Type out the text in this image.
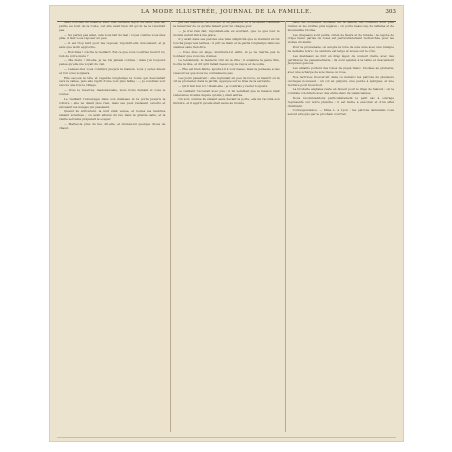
LA MODE ILLUSTRÉE, JOURNAL DE LA FAMILLE.	303

deux touches de nuance, avec une certaine façon de faire, elle est partie au bout de la route, car elle avait bien dit qu'on ne la reverrait pas.

— Ne parlez pas ainsi, cela vous fait du mal ; voyez comme vous êtes pâle, il faut vous reposer un peu.

— Il est trop tard pour me reposer, répondit-elle doucement, et je sens que la fin approche.

— Bon Dieu ! s'écria le vieillard. Est-ce que vous voudriez mourir ici, loin de votre mère ?

— Ma mère ! dit-elle, je ne l'ai jamais connue ; mais j'ai toujours pensé qu'elle me voyait du ciel.

— Laissez-moi vous conduire jusqu'à la maison, vous y serez mieux et l'on vous soignera.

Elle secoua la tête et regarda longtemps la route qui descendait vers la vallée, puis elle reprit d'une voix plus faible : — Je voudrais voir encore une fois le village.

— Vous le reverrez, mademoiselle, nous irons demain si vous le voulez.

Le vieillard l'enveloppa dans son manteau et la porta jusqu'à la voiture ; elle ne disait plus rien, mais ses yeux restaient ouverts et suivaient les nuages qui passaient.

Quand ils arrivèrent, la nuit était venue, et toutes les fenêtres étaient éclairées ; on avait allumé du feu dans la grande salle, et la vieille servante préparait le souper.

— Mettez-la près du feu, dit-elle, et donnez-lui quelque chose de chaud.

par ses manières, sa douceur et sa patience, et il ne savait comment la remercier de ce qu'elle faisait pour lui chaque jour.

— Je n'ai rien fait, répondait-elle en souriant, que ce que tout le monde aurait fait à ma place.

Il y avait dans ses paroles une telle simplicité que le vieillard en fut touché jusqu'aux larmes ; il prit sa main et la garda longtemps dans les siennes sans rien dire.

— Vous êtes un ange, murmura-t-il enfin, et je ne mérite pas le bonheur que vous me donnez.

Le lendemain, le médecin vint de la ville ; il examina la jeune fille, hocha la tête, et dit qu'il fallait beaucoup de repos et de soins.

— Elle est bien faible, ajouta-t-il à voix basse, mais la jeunesse a des ressources que nous ne connaissons pas.

Les jours passèrent ; elle reprenait un peu de force, et bientôt on la vit se promener dans le jardin, appuyée sur le bras de la servante.

— Qu'il fait bon ici ! disait-elle ; je voudrais y rester toujours.

Le vieillard l'écoutait avec joie ; il lui semblait que la maison était redevenue vivante depuis qu'elle y était entrée.

Un soir, comme ils étaient assis devant la porte, elle lui raconta son histoire, et il apprit qu'elle était seule au monde.

dans les nouveaux modèles de la saison, les couleurs sont plus claires et les étoffes plus légères ; on porte beaucoup de taffetas et de mousseline brodée.

Les chapeaux sont petits, ornés de fleurs et de rubans ; la capote de crêpe blanc garnie de roses est particulièrement recherchée pour les visites du matin.

Pour la promenade, on adopte la robe de soie unie avec une tunique de dentelle noire ; la ceinture est large et nouée sur le côté.

Les manteaux se font en drap léger, de couleur claire, avec des garnitures de passementerie ; ils sont ajustés à la taille et descendent jusqu'aux genoux.

Les enfants portent des robes de piqué blanc, brodées au plumetis, avec une écharpe de soie bleue ou rose.

Nos lectrices trouveront dans ce numéro les patrons de plusieurs ouvrages nouveaux : un col en guipure, une pelote à épingles, et une bordure pour mouchoir.

La broderie anglaise reste en faveur pour le linge de maison ; on la combine volontiers avec des entre-deux de valenciennes.

Nous recommandons particulièrement le petit sac à ouvrage représenté sur notre planche ; il est facile à exécuter et d'un effet charmant.

Correspondance. — Mme L. à Lyon : les patrons demandés vous seront envoyés par le prochain courrier.
